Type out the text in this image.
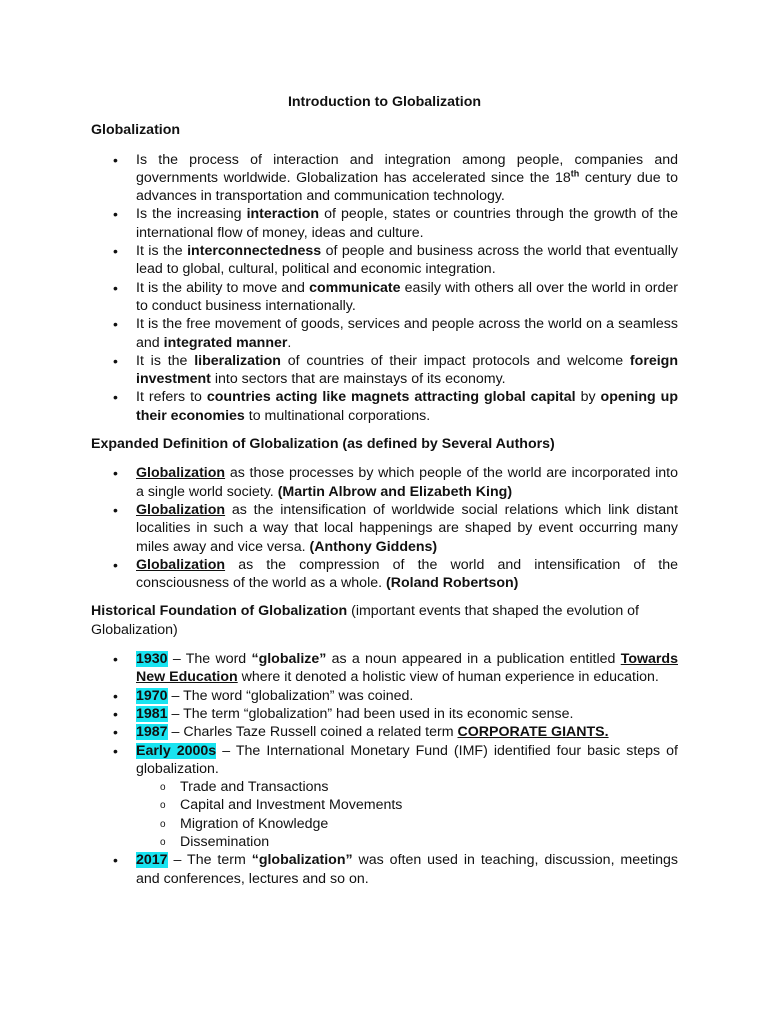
Introduction to Globalization
Globalization
• Is the process of interaction and integration among people, companies and governments worldwide. Globalization has accelerated since the 18th century due to advances in transportation and communication technology.
• Is the increasing interaction of people, states or countries through the growth of the international flow of money, ideas and culture.
• It is the interconnectedness of people and business across the world that eventually lead to global, cultural, political and economic integration.
• It is the ability to move and communicate easily with others all over the world in order to conduct business internationally.
• It is the free movement of goods, services and people across the world on a seamless and integrated manner.
• It is the liberalization of countries of their impact protocols and welcome foreign investment into sectors that are mainstays of its economy.
• It refers to countries acting like magnets attracting global capital by opening up their economies to multinational corporations.
Expanded Definition of Globalization (as defined by Several Authors)
• Globalization as those processes by which people of the world are incorporated into a single world society. (Martin Albrow and Elizabeth King)
• Globalization as the intensification of worldwide social relations which link distant localities in such a way that local happenings are shaped by event occurring many miles away and vice versa. (Anthony Giddens)
• Globalization as the compression of the world and intensification of the consciousness of the world as a whole. (Roland Robertson)
Historical Foundation of Globalization (important events that shaped the evolution of Globalization)
• 1930 – The word “globalize” as a noun appeared in a publication entitled Towards New Education where it denoted a holistic view of human experience in education.
• 1970 – The word “globalization” was coined.
• 1981 – The term “globalization” had been used in its economic sense.
• 1987 – Charles Taze Russell coined a related term CORPORATE GIANTS.
• Early 2000s – The International Monetary Fund (IMF) identified four basic steps of globalization.
o Trade and Transactions
o Capital and Investment Movements
o Migration of Knowledge
o Dissemination
• 2017 – The term “globalization” was often used in teaching, discussion, meetings and conferences, lectures and so on.
